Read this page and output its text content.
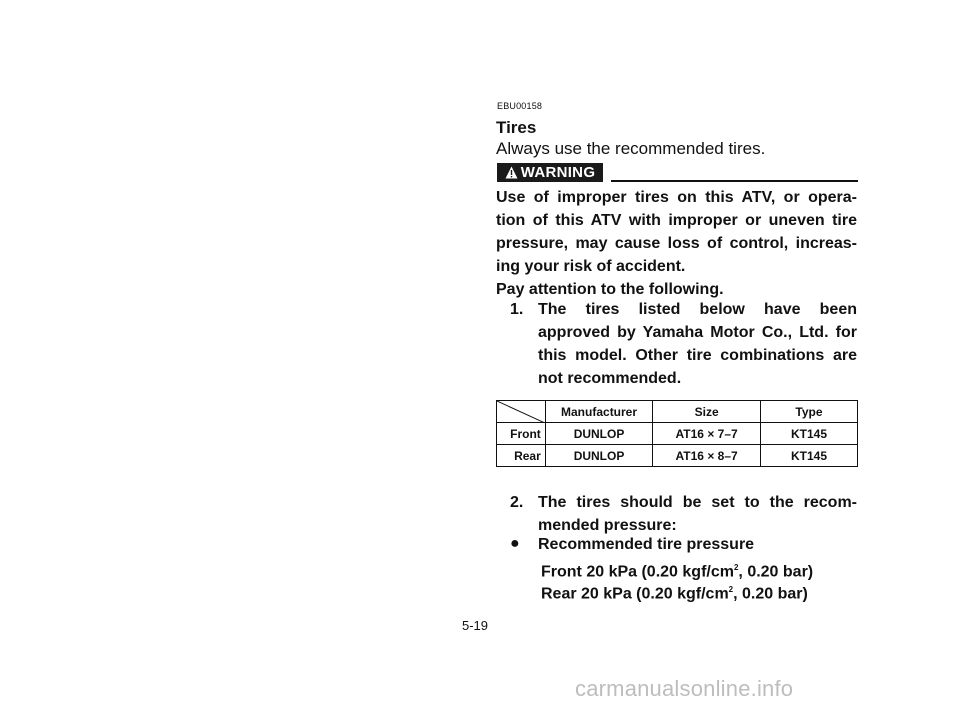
EBU00158
Tires
Always use the recommended tires.
WARNING
Use of improper tires on this ATV, or opera-
tion of this ATV with improper or uneven tire
pressure, may cause loss of control, increas-
ing your risk of accident.
Pay attention to the following.
1. The tires listed below have been
approved by Yamaha Motor Co., Ltd. for
this model. Other tire combinations are
not recommended.
	Manufacturer	Size	Type
Front	DUNLOP	AT16 × 7–7	KT145
Rear	DUNLOP	AT16 × 8–7	KT145
2. The tires should be set to the recom-
mended pressure:
● Recommended tire pressure
Front 20 kPa (0.20 kgf/$cm^2$, 0.20 bar)
Rear 20 kPa (0.20 kgf/$cm^2$, 0.20 bar)
5-19
carmanualsonline.info
